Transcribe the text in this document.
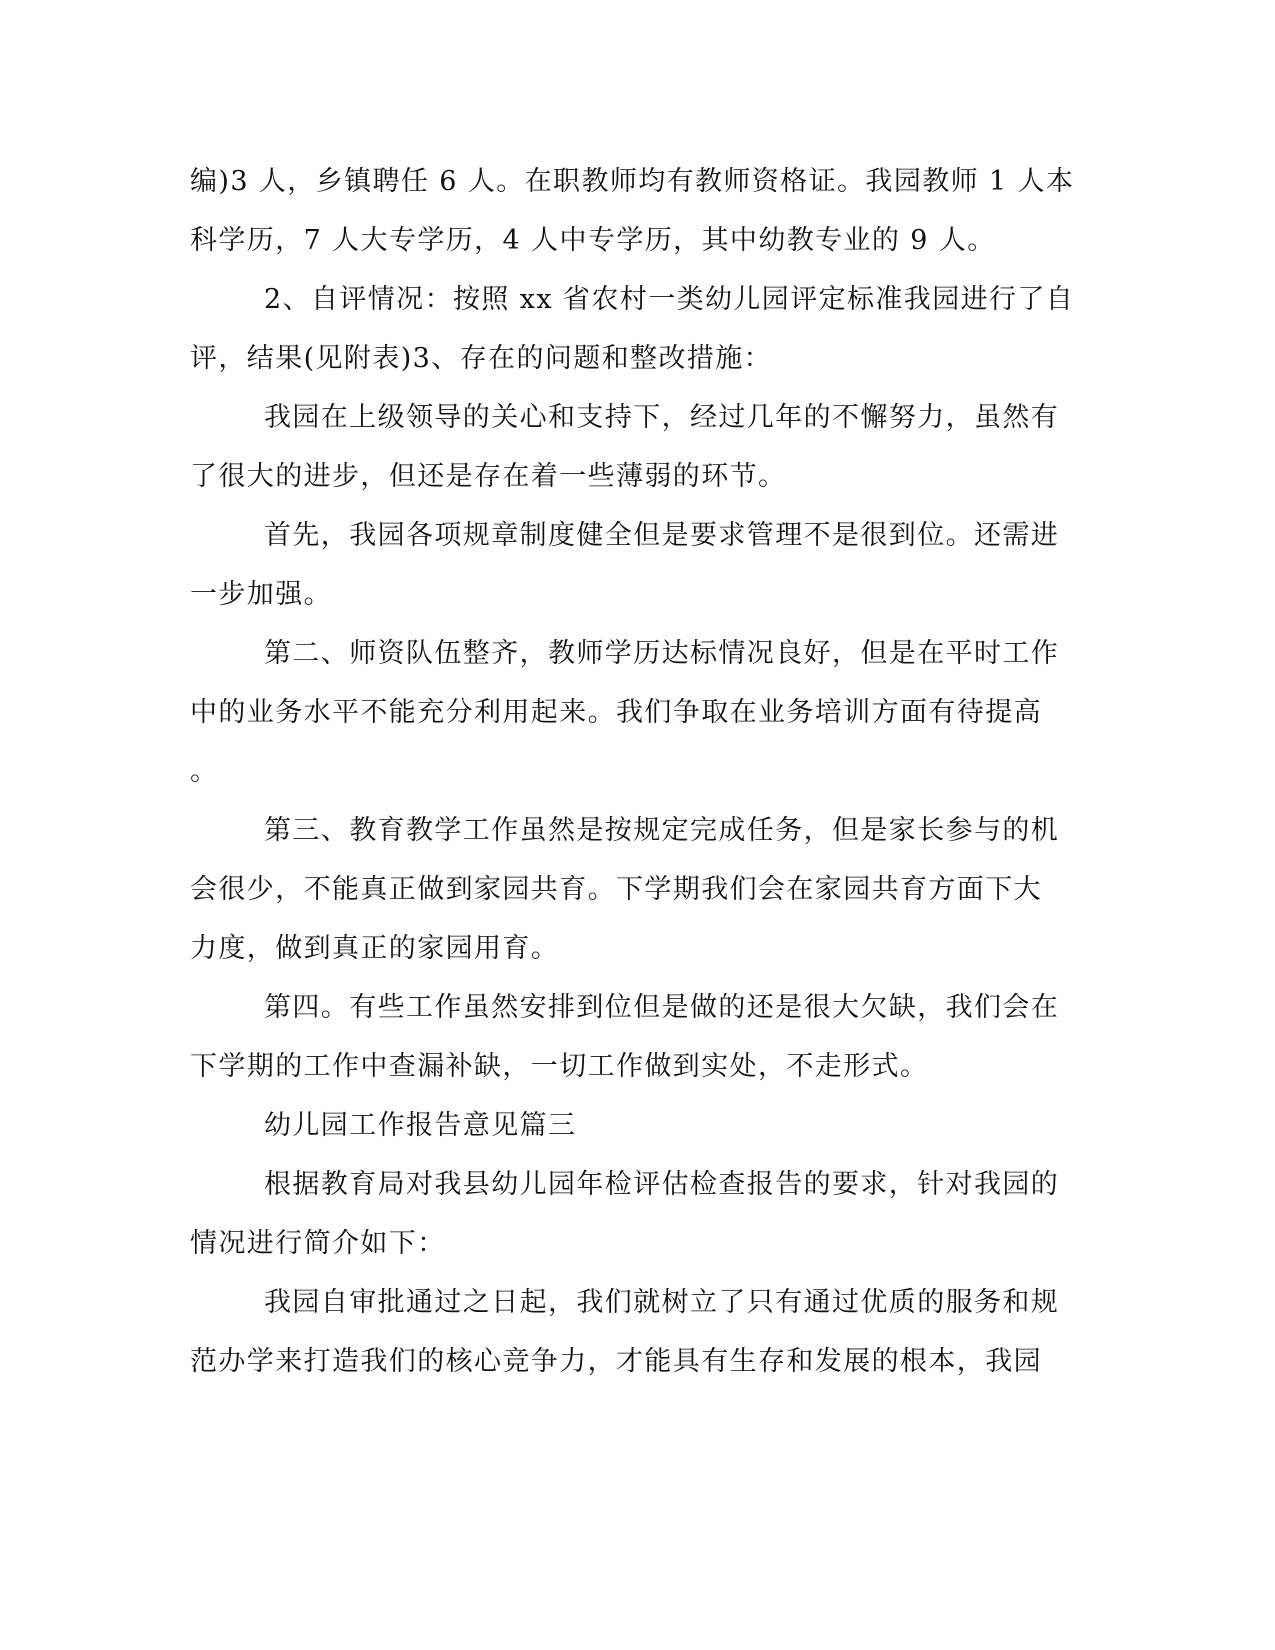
编)3 人，乡镇聘任 6 人。在职教师均有教师资格证。我园教师 1 人本
科学历，7 人大专学历，4 人中专学历，其中幼教专业的 9 人。
2、自评情况：按照 xx 省农村一类幼儿园评定标准我园进行了自
评，结果(见附表)3、存在的问题和整改措施：
我园在上级领导的关心和支持下，经过几年的不懈努力，虽然有
了很大的进步，但还是存在着一些薄弱的环节。
首先，我园各项规章制度健全但是要求管理不是很到位。还需进
一步加强。
第二、师资队伍整齐，教师学历达标情况良好，但是在平时工作
中的业务水平不能充分利用起来。我们争取在业务培训方面有待提高
。
第三、教育教学工作虽然是按规定完成任务，但是家长参与的机
会很少，不能真正做到家园共育。下学期我们会在家园共育方面下大
力度，做到真正的家园用育。
第四。有些工作虽然安排到位但是做的还是很大欠缺，我们会在
下学期的工作中查漏补缺，一切工作做到实处，不走形式。
幼儿园工作报告意见篇三
根据教育局对我县幼儿园年检评估检查报告的要求，针对我园的
情况进行简介如下：
我园自审批通过之日起，我们就树立了只有通过优质的服务和规
范办学来打造我们的核心竞争力，才能具有生存和发展的根本，我园
